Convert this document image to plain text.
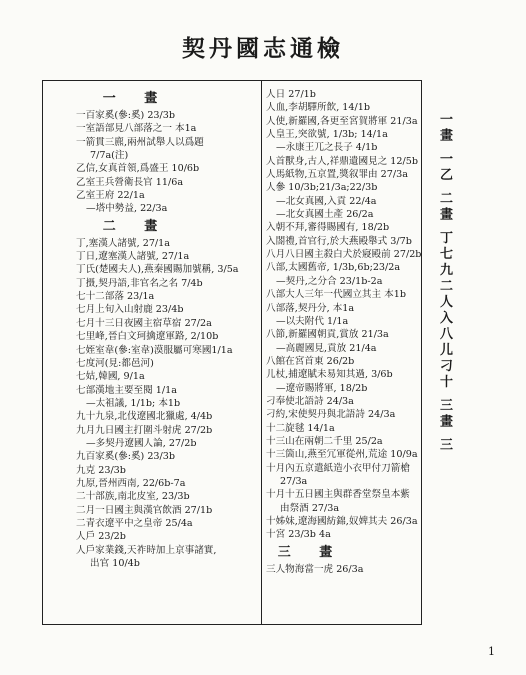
契丹國志通檢
一 畫
一百家奚(參:奚) 23/3b
一室語部見八部落之一 本1a
一箭貫三麃,兩州試舉人以爲題
7/7a(注)
乙信,女真首領,爲盛王 10/6b
乙室王兵營衛長官 11/6a
乙室王府 22/1a
—塔中勢益, 22/3a
二 畫
丁,塞漢人諸號, 27/1a
丁日,遼塞漢人諸號, 27/1a
丁氏(楚國夫人),燕秦國賜加號稱, 3/5a
丁摄,契丹語,非官名之名 7/4b
七十二部落 23/1a
七月上旬入山射鹿 23/4b
七月十三日夜國主宿草宿 27/2a
七里峰,晉白文珂擒遼軍路, 2/10b
七姪室韋(參:室韋)漠服屬可寒國1/1a
七度河(見:都邑河)
七姑,韓國, 9/1a
七部漢地主要至閱 1/1a
—太祖議, 1/1b; 本1b
九十九泉,北伐遼國北獵處, 4/4b
九月九日國主打圍斗射虎 27/2b
—多契丹遼國人論, 27/2b
九百家奚(參:奚) 23/3b
九克 23/3b
九原,晉州西南, 22/6b-7a
二十部族,南北皮室, 23/3b
二月一日國主與漢官飲酒 27/1b
二青衣遼平中之皇帝 25/4a
人戶 23/2b
人戶家業錢,天祚時加上京事諸實,
出官 10/4b
人日 27/1b
人血,李胡驛所飲, 14/1b
人使,新羅國,各更至宮賀將軍 21/3a
人皇王,突欲號, 1/3b; 14/1a
—永康王兀之長子 4/1b
人首獸身,古人,祥鼎遺國見之 12/5b
人馬紙物,五京置,獎叙罪由 27/3a
人參 10/3b;21/3a;22/3b
—北女真國,入貢 22/4a
—北女真國土產 26/2a
入朝不拜,審得賜國有, 18/2b
入閤禮,首官行,於大燕殿舉式 3/7b
八月八日國主殺白犬於寢殿前 27/2b
八部,太國舊帝, 1/3b,6b;23/2a
—契丹,之分合 23/1b-2a
八部大人三年一代國立其主 本1b
八部落,契丹分, 本1a
—以夫附代 1/1a
八節,新羅國朝貢,賞放 21/3a
—高麗國見,貢放 21/4a
八館在宮首東 26/2b
儿杖,捕遼賦未易知其過, 3/6b
—遼帝賜將軍, 18/2b
刁奉使北語詩 24/3a
刁約,宋使契丹與北語詩 24/3a
十二旋毬 14/1a
十三山在兩朝二千里 25/2a
十三箇山,燕至冗軍從州,荒途 10/9a
十月內五京遣紙造小衣甲付刀箭槍
27/3a
十月十五日國主與群香堂祭皇本紫
由祭酒 27/3a
十姊妹,遼海國紡錦,奴婢其夫 26/3a
十宮 23/3b 4a
三 畫
三人物海當一虎 26/3a
一畫 一乙 二畫 丁七九二人入八儿刁十 三畫 三
1
